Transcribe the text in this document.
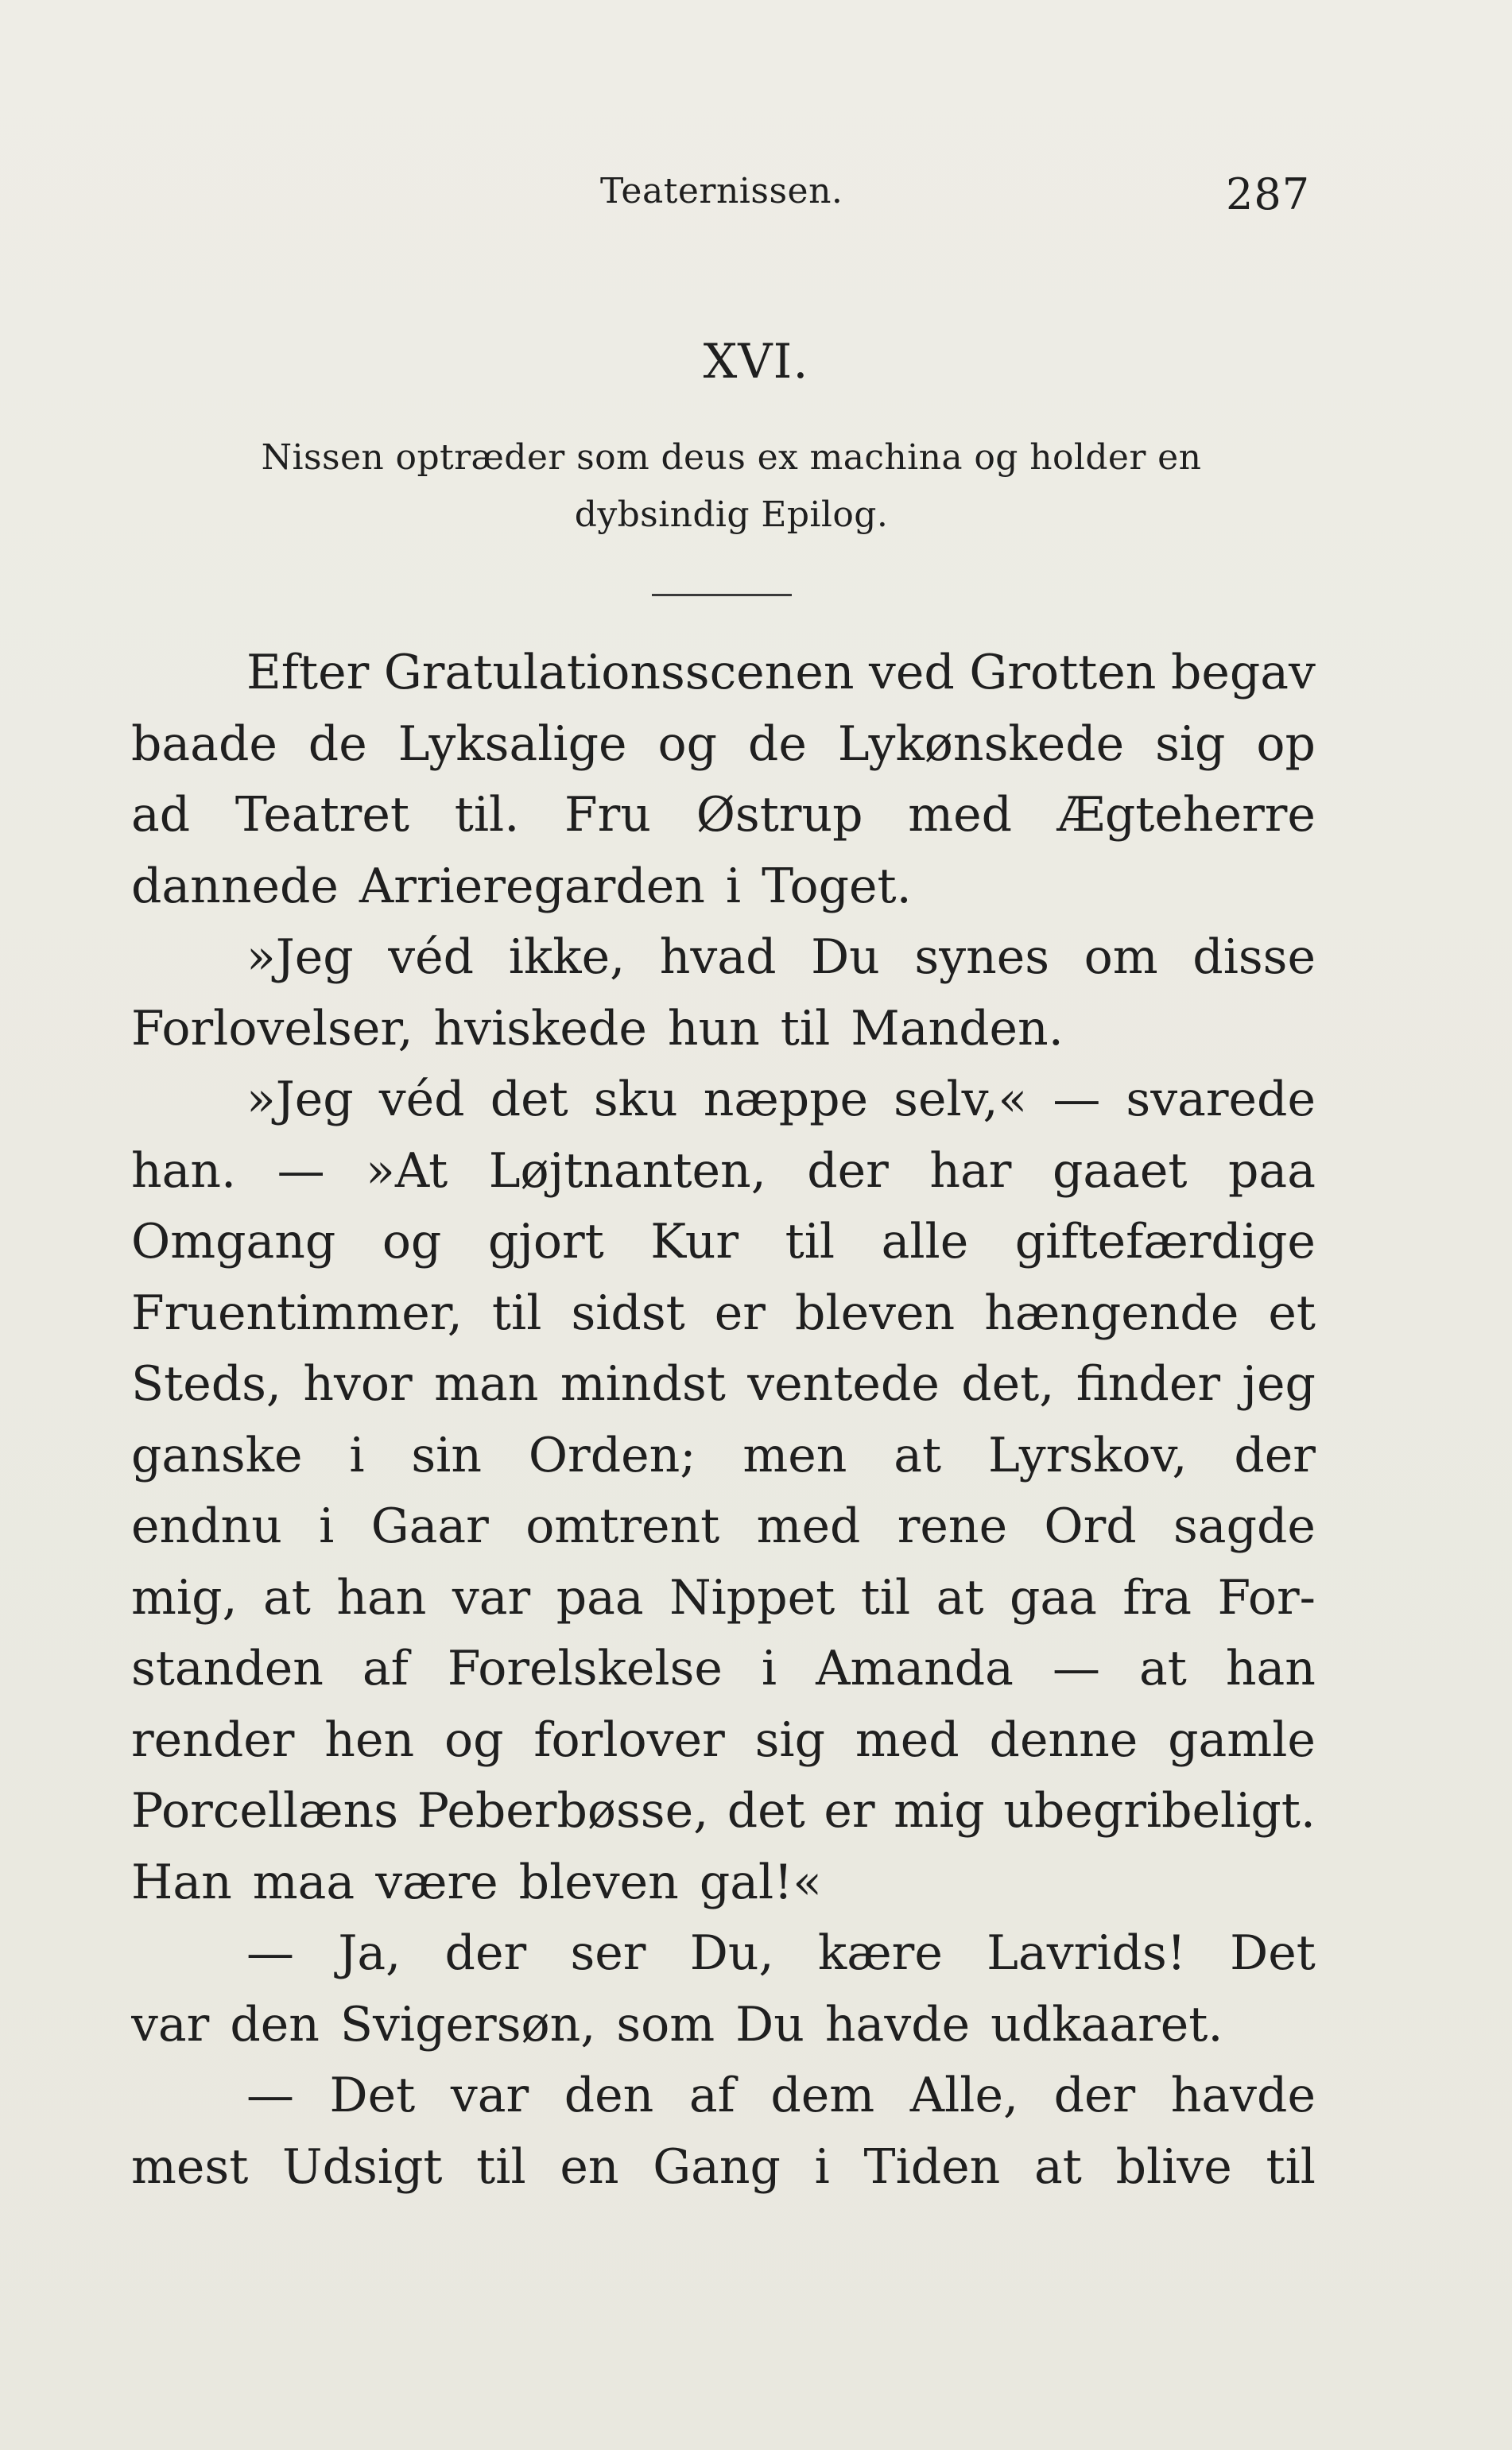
Teaternissen.	287
XVI.
Nissen optræder som deus ex machina og holder en
dybsindig Epilog.
Efter Gratulationsscenen ved Grotten begav
baade de Lyksalige og de Lykønskede sig op
ad Teatret til. Fru Østrup med Ægteherre
dannede Arrieregarden i Toget.
»Jeg véd ikke, hvad Du synes om disse
Forlovelser, hviskede hun til Manden.
»Jeg véd det sku næppe selv,« — svarede
han. — »At Løjtnanten, der har gaaet paa
Omgang og gjort Kur til alle giftefærdige
Fruentimmer, til sidst er bleven hængende et
Steds, hvor man mindst ventede det, finder jeg
ganske i sin Orden; men at Lyrskov, der
endnu i Gaar omtrent med rene Ord sagde
mig, at han var paa Nippet til at gaa fra For-
standen af Forelskelse i Amanda — at han
render hen og forlover sig med denne gamle
Porcellæns Peberbøsse, det er mig ubegribeligt.
Han maa være bleven gal!«
— Ja, der ser Du, kære Lavrids! Det
var den Svigersøn, som Du havde udkaaret.
— Det var den af dem Alle, der havde
mest Udsigt til en Gang i Tiden at blive til
